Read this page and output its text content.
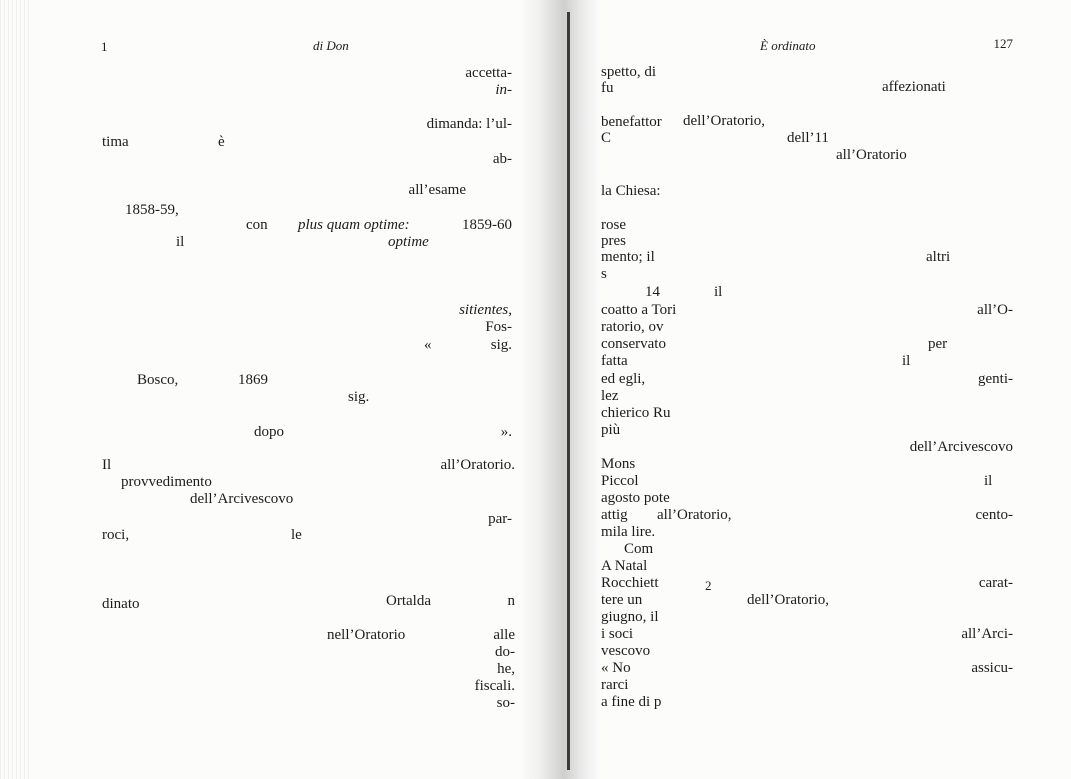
1	di Don
accetta-
in-
dimanda: l’ul-
tima	è
ab-
all’esame
1858-59,
con plus quam optime:	1859-60
il	optime
sitientes,
Fos-
«	sig.
Bosco,	1869
sig.
dopo	».
Il	all’Oratorio.
provvedimento
dell’Arcivescovo
par-
roci,	le
dinato	Ortalda	n
nell’Oratorio	alle
do-
he,
fiscali.
so-
È ordinato	127
spetto, di
fu	affezionati
benefattor dell’Oratorio,
C	dell’11
all’Oratorio
la Chiesa:
rose
pres
mento; il	altri
s
14	il
coatto a Tori	all’O-
ratorio, ov
conservato	per
fatta	il
ed egli,	genti-
lez
chierico Ru
più
dell’Arcivescovo
Mons
Piccol	il
agosto pote
attig all’Oratorio,	cento-
mila lire.
Com
A Natal
Rocchiett	2	carat-
tere un	dell’Oratorio,
giugno, il
i soci	all’Arci-
vescovo
« No	assicu-
rarci
a fine di p
